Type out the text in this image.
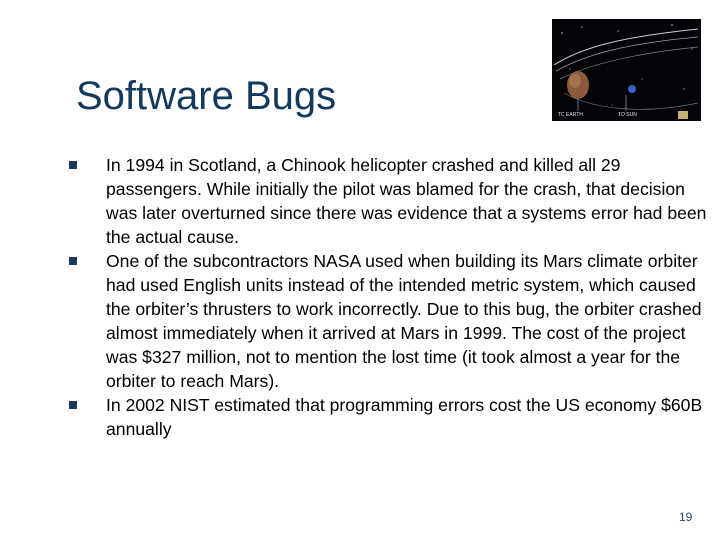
Software Bugs	TC EARTH	TO SUN
In 1994 in Scotland, a Chinook helicopter crashed and killed all 29 passengers. While initially the pilot was blamed for the crash, that decision was later overturned since there was evidence that a systems error had been the actual cause.
One of the subcontractors NASA used when building its Mars climate orbiter had used English units instead of the intended metric system, which caused the orbiter’s thrusters to work incorrectly. Due to this bug, the orbiter crashed almost immediately when it arrived at Mars in 1999. The cost of the project was $327 million, not to mention the lost time (it took almost a year for the orbiter to reach Mars).
In 2002 NIST estimated that programming errors cost the US economy $60B annually
19
